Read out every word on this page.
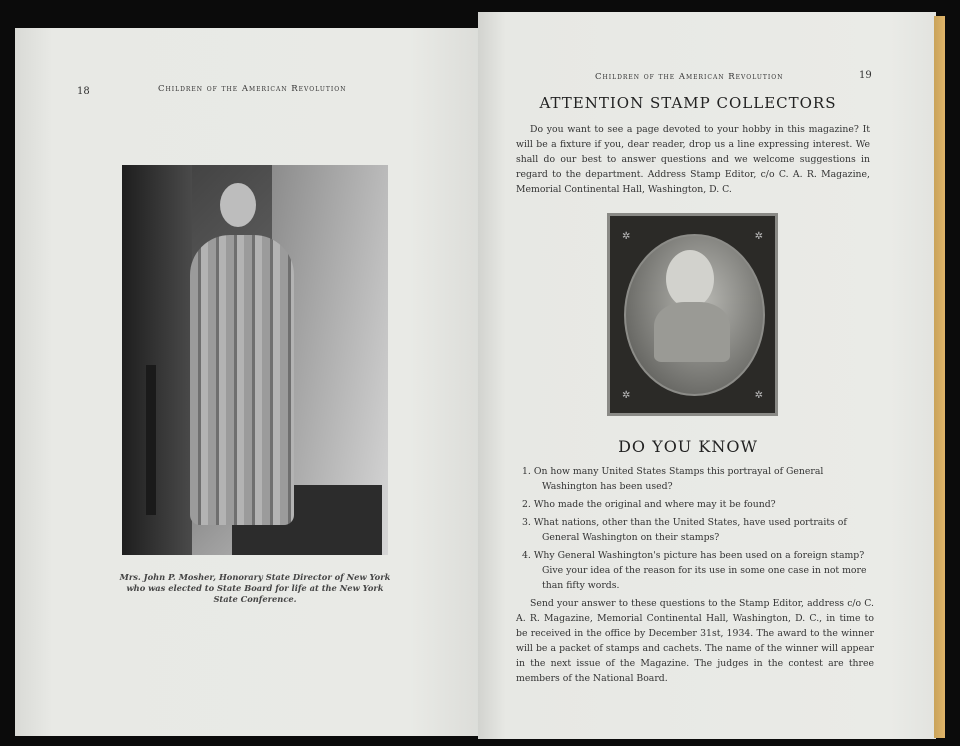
18	Children of the American Revolution
Mrs. John P. Mosher, Honorary State Director of New York who was elected to State Board for life at the New York State Conference.
Children of the American Revolution	19
ATTENTION STAMP COLLECTORS
Do you want to see a page devoted to your hobby in this magazine? It will be a fixture if you, dear reader, drop us a line expressing interest. We shall do our best to answer questions and we welcome suggestions in regard to the department. Address Stamp Editor, c/o C. A. R. Magazine, Memorial Continental Hall, Washington, D. C.
✲	✲
✲	✲
DO YOU KNOW

1. On how many United States Stamps this portrayal of General Washington has been used?

2. Who made the original and where may it be found?

3. What nations, other than the United States, have used portraits of General Washington on their stamps?

4. Why General Washington's picture has been used on a foreign stamp? Give your idea of the reason for its use in some one case in not more than fifty words.

Send your answer to these questions to the Stamp Editor, address c/o C. A. R. Magazine, Memorial Continental Hall, Washington, D. C., in time to be received in the office by December 31st, 1934. The award to the winner will be a packet of stamps and cachets. The name of the winner will appear in the next issue of the Magazine. The judges in the contest are three members of the National Board.
